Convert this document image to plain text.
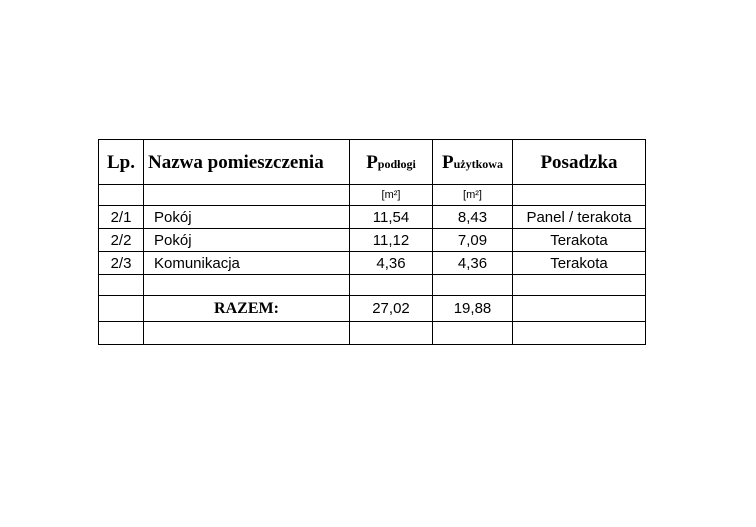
Lp.	Nazwa pomieszczenia	Ppodłogi	Pużytkowa	Posadzka
		[m²]	[m²]	
2/1	Pokój	11,54	8,43	Panel / terakota
2/2	Pokój	11,12	7,09	Terakota
2/3	Komunikacja	4,36	4,36	Terakota

	RAZEM:	27,02	19,88	
